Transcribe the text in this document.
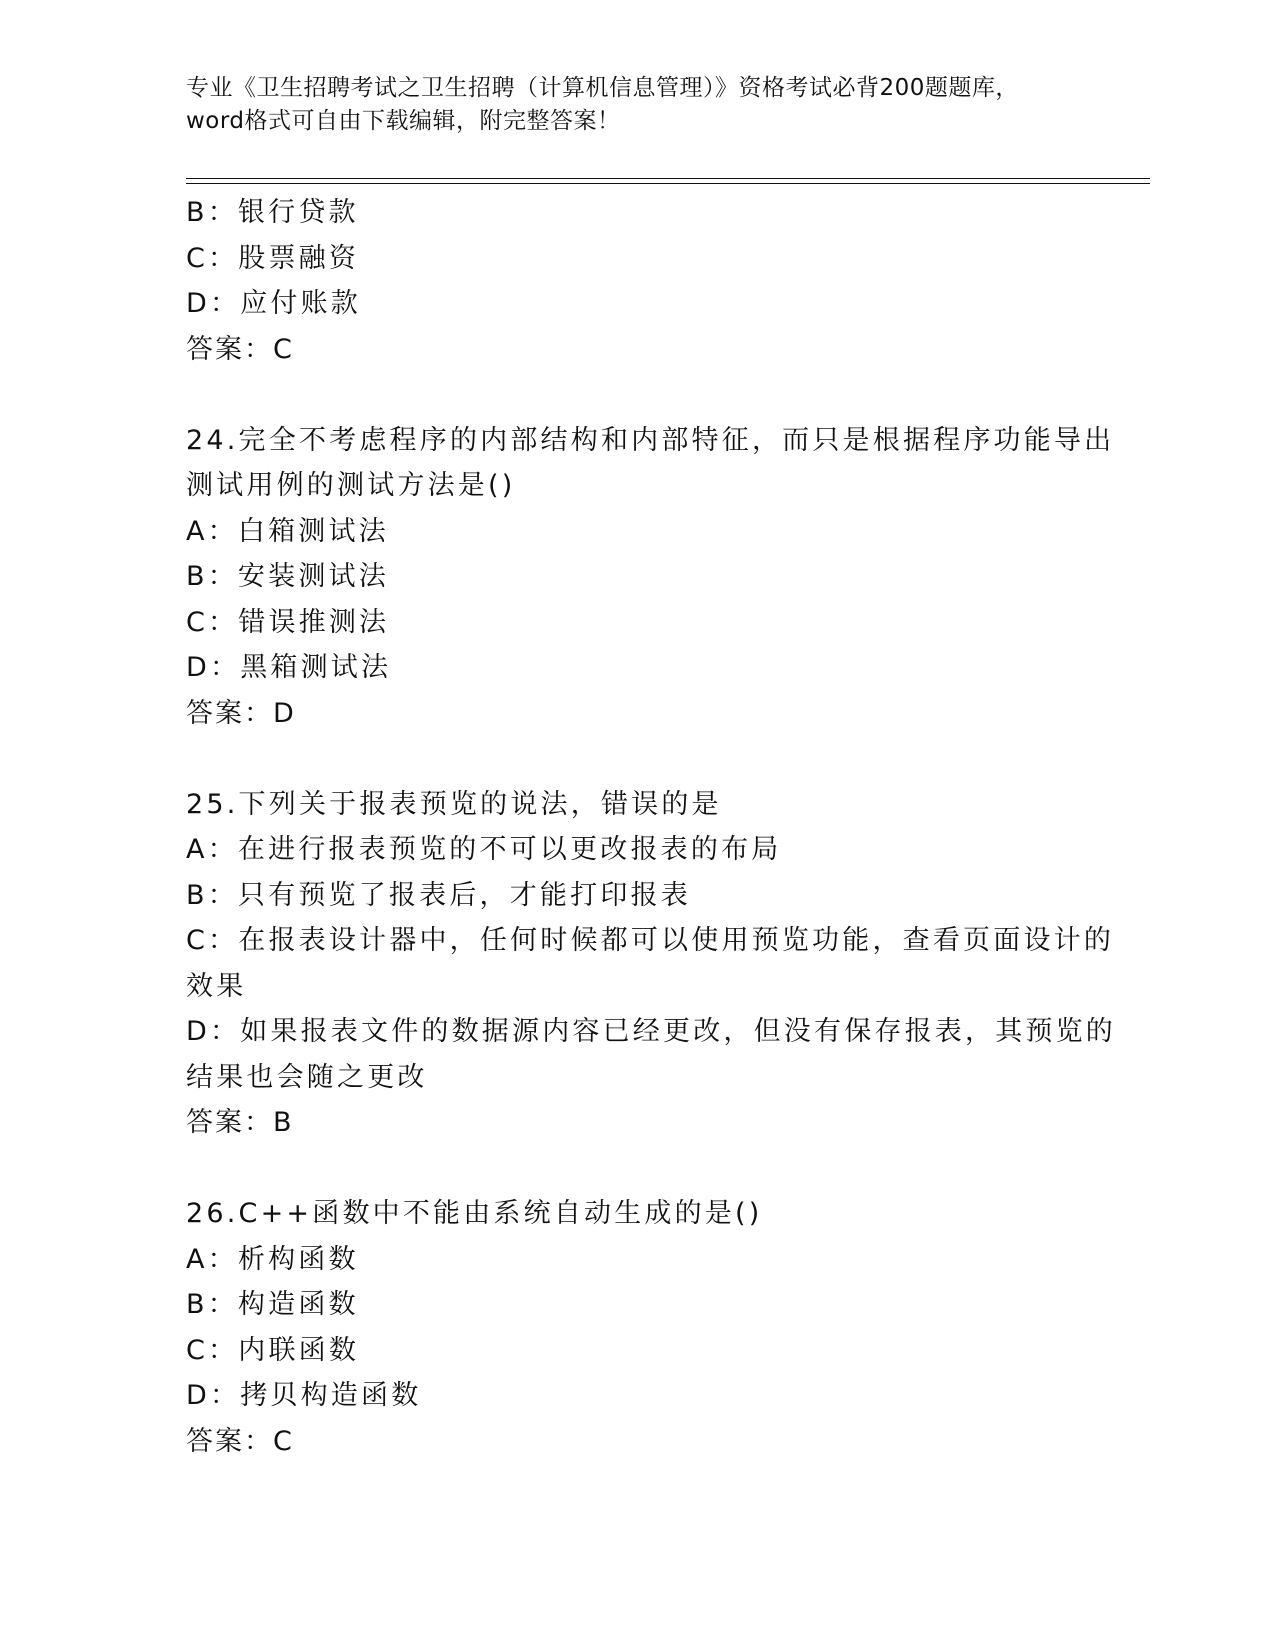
专业《卫生招聘考试之卫生招聘（计算机信息管理）》资格考试必背200题题库，
word格式可自由下载编辑，附完整答案！
B：银行贷款
C：股票融资
D：应付账款
答案：C
24.完全不考虑程序的内部结构和内部特征，而只是根据程序功能导出
测试用例的测试方法是()
A：白箱测试法
B：安装测试法
C：错误推测法
D：黑箱测试法
答案：D
25.下列关于报表预览的说法，错误的是
A：在进行报表预览的不可以更改报表的布局
B：只有预览了报表后，才能打印报表
C：在报表设计器中，任何时候都可以使用预览功能，查看页面设计的
效果
D：如果报表文件的数据源内容已经更改，但没有保存报表，其预览的
结果也会随之更改
答案：B
26.C++函数中不能由系统自动生成的是()
A：析构函数
B：构造函数
C：内联函数
D：拷贝构造函数
答案：C
